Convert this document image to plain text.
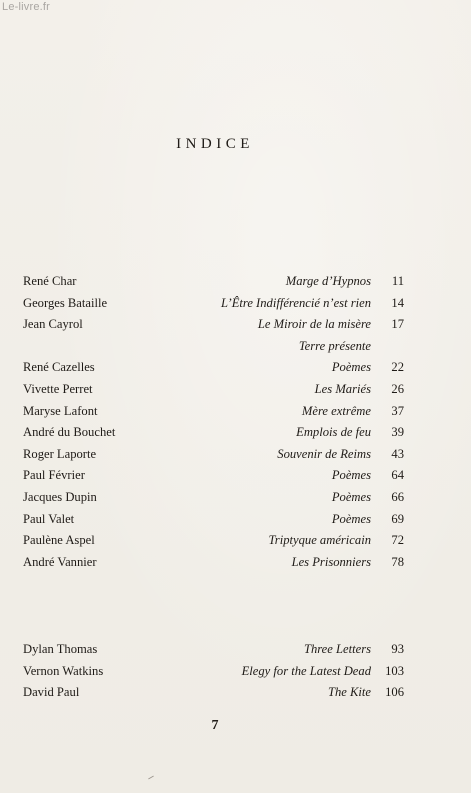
Le-livre.fr
INDICE
René Char	Marge d’Hypnos	11
Georges Bataille	L’Être Indifférencié n’est rien	14
Jean Cayrol	Le Miroir de la misère	17
Terre présente
René Cazelles	Poèmes	22
Vivette Perret	Les Mariés	26
Maryse Lafont	Mère extrême	37
André du Bouchet	Emplois de feu	39
Roger Laporte	Souvenir de Reims	43
Paul Février	Poèmes	64
Jacques Dupin	Poèmes	66
Paul Valet	Poèmes	69
Paulène Aspel	Triptyque américain	72
André Vannier	Les Prisonniers	78
Dylan Thomas	Three Letters	93
Vernon Watkins	Elegy for the Latest Dead	103
David Paul	The Kite	106
7
